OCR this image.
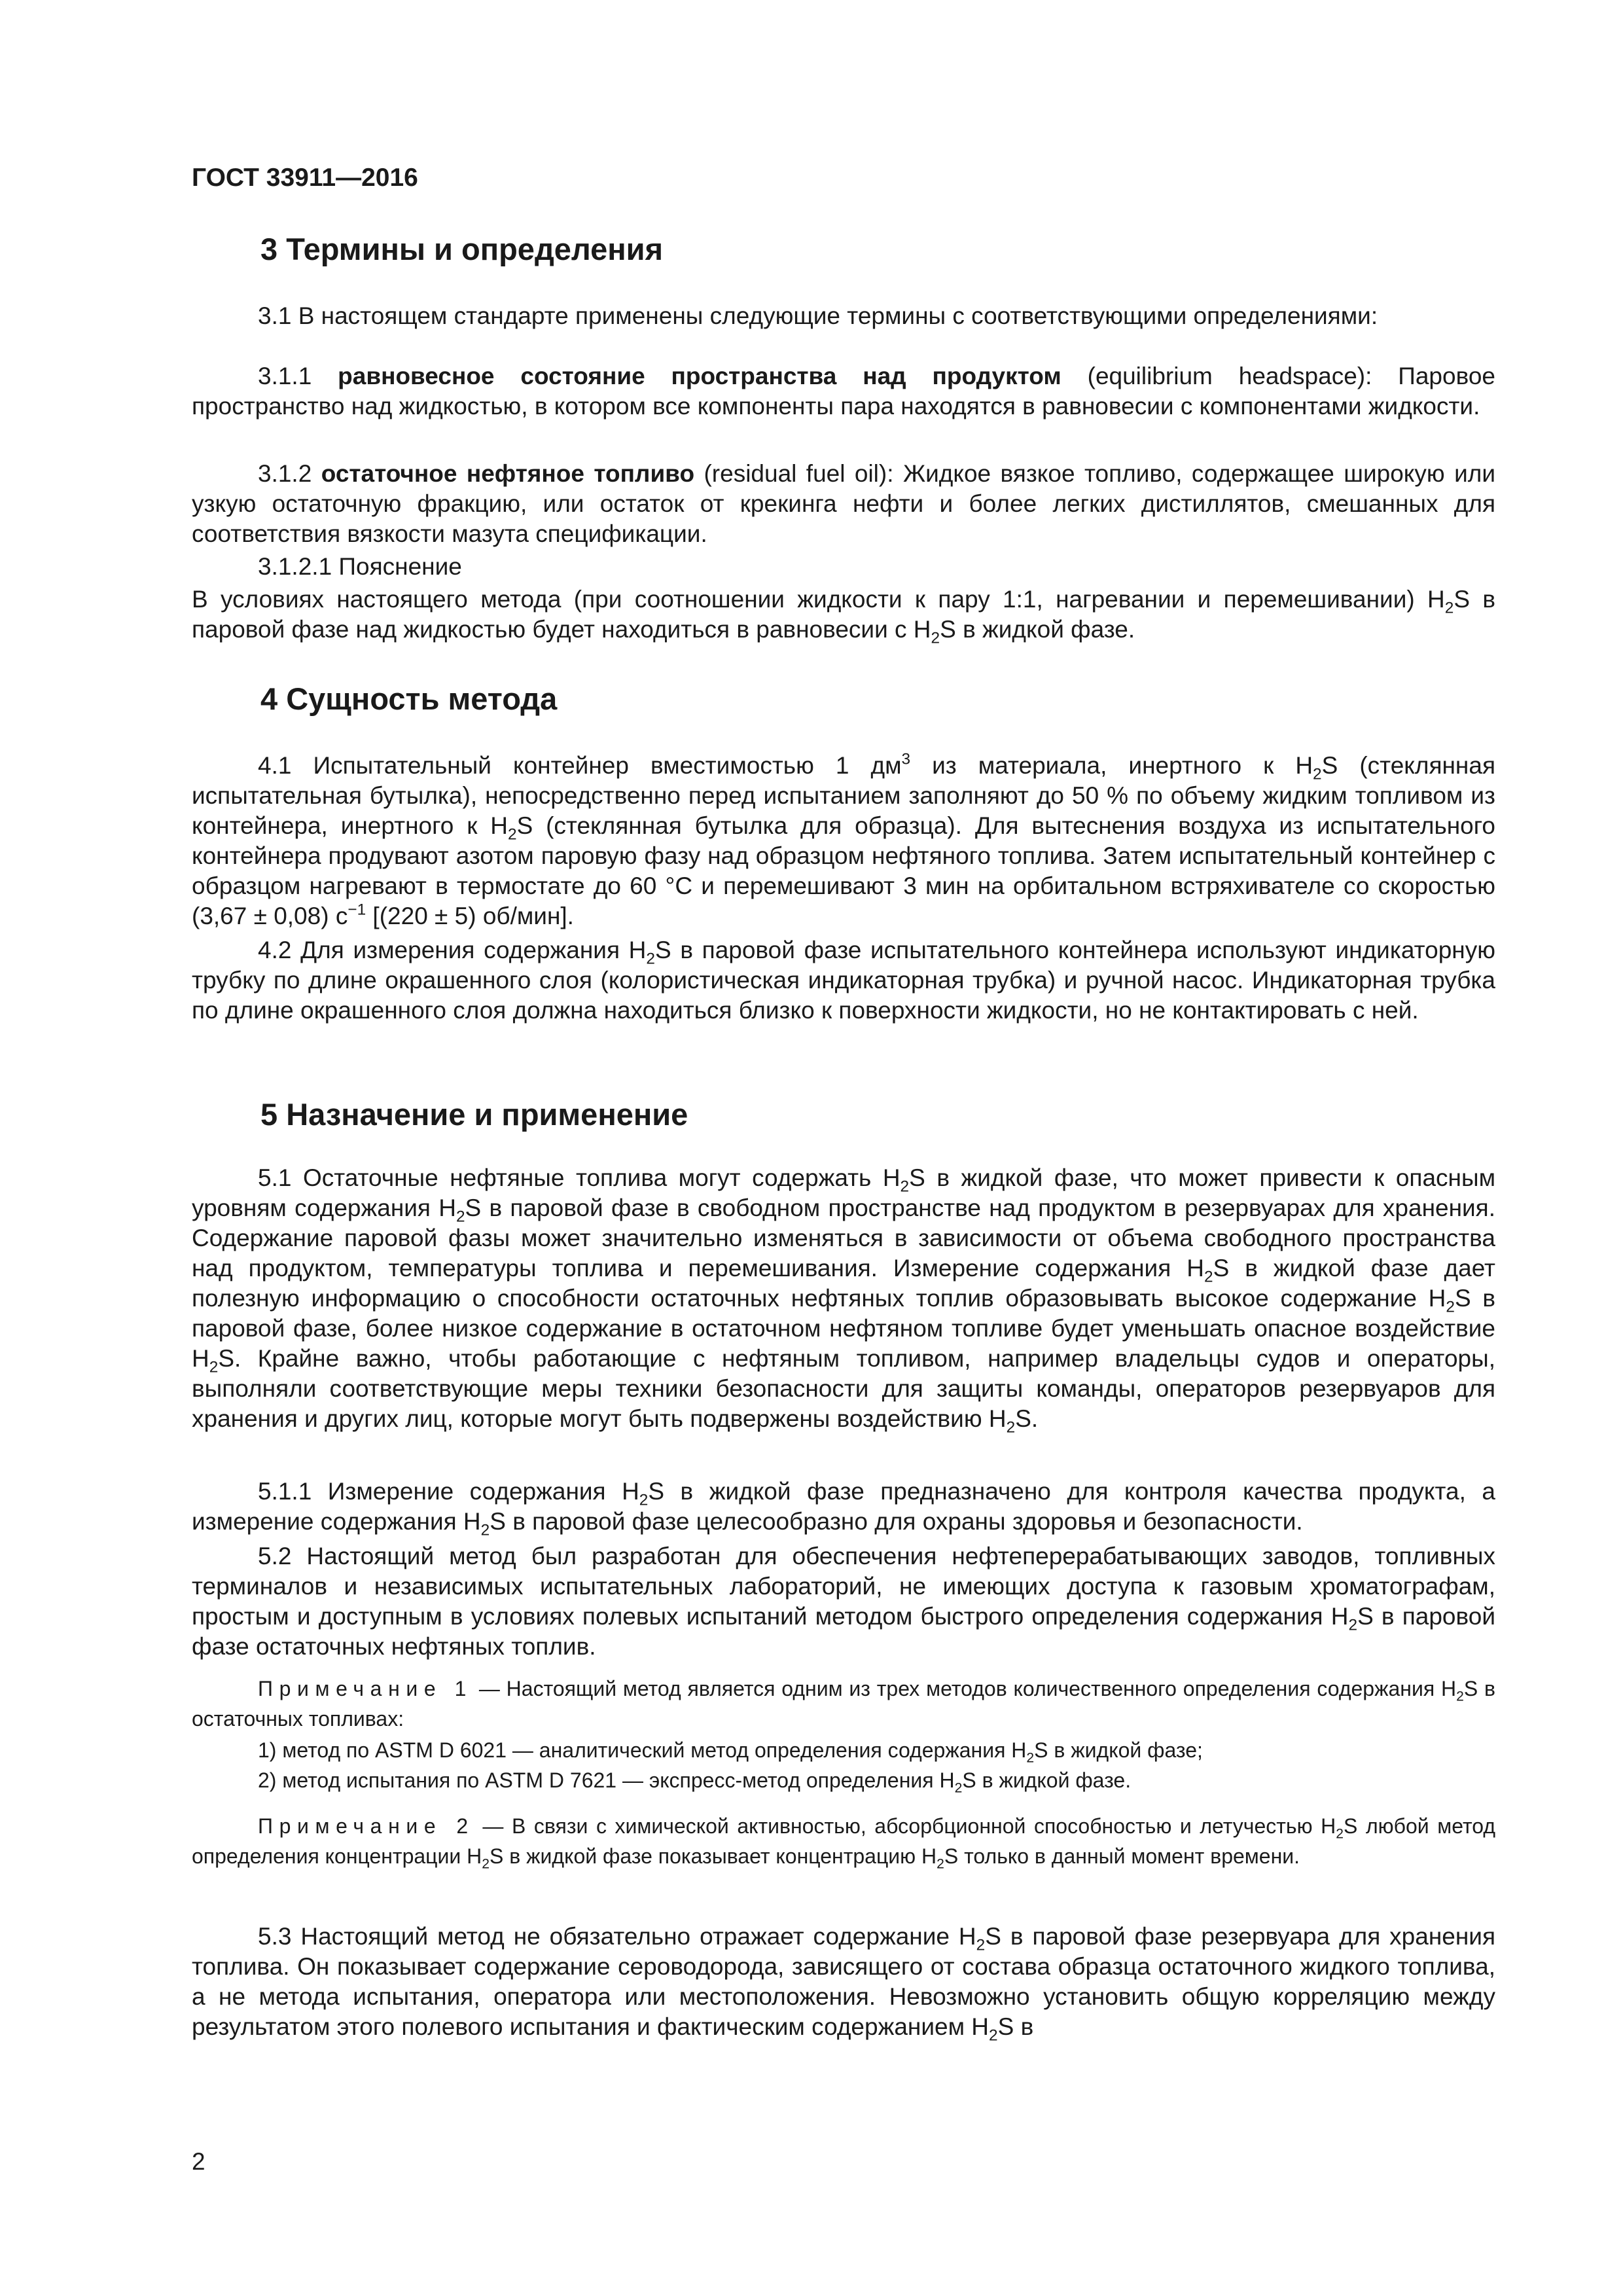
ГОСТ 33911—2016
3 Термины и определения
3.1 В настоящем стандарте применены следующие термины с соответствующими определениями:
3.1.1 равновесное состояние пространства над продуктом (equilibrium headspace): Паровое пространство над жидкостью, в котором все компоненты пара находятся в равновесии с компонентами жидкости.
3.1.2 остаточное нефтяное топливо (residual fuel oil): Жидкое вязкое топливо, содержащее широкую или узкую остаточную фракцию, или остаток от крекинга нефти и более легких дистиллятов, смешанных для соответствия вязкости мазута спецификации.
3.1.2.1 Пояснение
В условиях настоящего метода (при соотношении жидкости к пару 1:1, нагревании и перемешивании) $H_2S$ в паровой фазе над жидкостью будет находиться в равновесии с $H_2S$ в жидкой фазе.
4 Сущность метода
4.1 Испытательный контейнер вместимостью 1 $дм^3$ из материала, инертного к $H_2S$ (стеклянная испытательная бутылка), непосредственно перед испытанием заполняют до 50 % по объему жидким топливом из контейнера, инертного к $H_2S$ (стеклянная бутылка для образца). Для вытеснения воздуха из испытательного контейнера продувают азотом паровую фазу над образцом нефтяного топлива. Затем испытательный контейнер с образцом нагревают в термостате до 60 °C и перемешивают 3 мин на орбитальном встряхивателе со скоростью (3,67 ± 0,08) $с^{-1}$ [(220 ± 5) об/мин].
4.2 Для измерения содержания $H_2S$ в паровой фазе испытательного контейнера используют индикаторную трубку по длине окрашенного слоя (колористическая индикаторная трубка) и ручной насос. Индикаторная трубка по длине окрашенного слоя должна находиться близко к поверхности жидкости, но не контактировать с ней.
5 Назначение и применение
5.1 Остаточные нефтяные топлива могут содержать $H_2S$ в жидкой фазе, что может привести к опасным уровням содержания $H_2S$ в паровой фазе в свободном пространстве над продуктом в резервуарах для хранения. Содержание паровой фазы может значительно изменяться в зависимости от объема свободного пространства над продуктом, температуры топлива и перемешивания. Измерение содержания $H_2S$ в жидкой фазе дает полезную информацию о способности остаточных нефтяных топлив образовывать высокое содержание $H_2S$ в паровой фазе, более низкое содержание в остаточном нефтяном топливе будет уменьшать опасное воздействие $H_2S$. Крайне важно, чтобы работающие с нефтяным топливом, например владельцы судов и операторы, выполняли соответствующие меры техники безопасности для защиты команды, операторов резервуаров для хранения и других лиц, которые могут быть подвержены воздействию $H_2S$.
5.1.1 Измерение содержания $H_2S$ в жидкой фазе предназначено для контроля качества продукта, а измерение содержания $H_2S$ в паровой фазе целесообразно для охраны здоровья и безопасности.
5.2 Настоящий метод был разработан для обеспечения нефтеперерабатывающих заводов, топливных терминалов и независимых испытательных лабораторий, не имеющих доступа к газовым хроматографам, простым и доступным в условиях полевых испытаний методом быстрого определения содержания $H_2S$ в паровой фазе остаточных нефтяных топлив.
Примечание 1 — Настоящий метод является одним из трех методов количественного определения содержания $H_2S$ в остаточных топливах:
1) метод по ASTM D 6021 — аналитический метод определения содержания $H_2S$ в жидкой фазе;
2) метод испытания по ASTM D 7621 — экспресс-метод определения $H_2S$ в жидкой фазе.
Примечание 2 — В связи с химической активностью, абсорбционной способностью и летучестью $H_2S$ любой метод определения концентрации $H_2S$ в жидкой фазе показывает концентрацию $H_2S$ только в данный момент времени.
5.3 Настоящий метод не обязательно отражает содержание $H_2S$ в паровой фазе резервуара для хранения топлива. Он показывает содержание сероводорода, зависящего от состава образца остаточного жидкого топлива, а не метода испытания, оператора или местоположения. Невозможно установить общую корреляцию между результатом этого полевого испытания и фактическим содержанием $H_2S$ в
2
